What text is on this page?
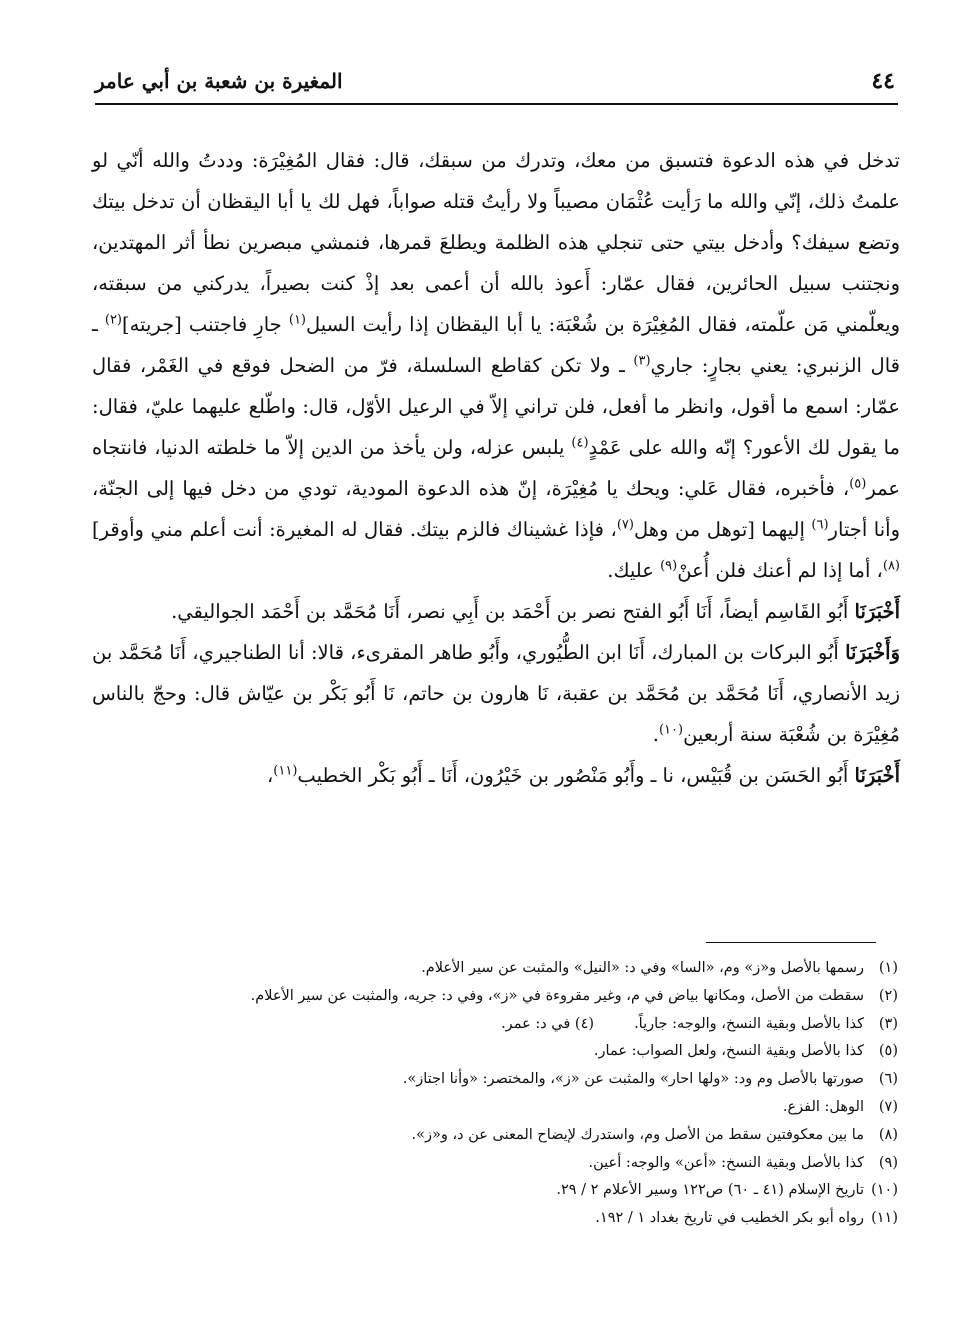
٤٤
المغيرة بن شعبة بن أبي عامر

تدخل في هذه الدعوة فتسبق من معك، وتدرك من سبقك، قال: فقال المُغِيْرَة: وددتُ والله أنّي لو علمتُ ذلك، إنّي والله ما رَأيت عُثْمَان مصيباً ولا رأيتُ قتله صواباً، فهل لك يا أبا اليقظان أن تدخل بيتك وتضع سيفك؟ وأدخل بيتي حتى تنجلي هذه الظلمة ويطلعَ قمرها، فنمشي مبصرين نطأ أثر المهتدين، ونجتنب سبيل الحائرين، فقال عمّار: أَعوذ بالله أن أعمى بعد إذْ كنت بصيراً، يدركني من سبقته، ويعلّمني مَن علّمته، فقال المُغِيْرَة بن شُعْبَة: يا أبا اليقظان إذا رأيت السيل$^{(١)}$ جارِ فاجتنب [جريته]$^{(٢)}$ ـ قال الزنبري: يعني بجارٍ: جاري$^{(٣)}$ ـ ولا تكن كقاطع السلسلة، فرّ من الضحل فوقع في الغَمْر، فقال عمّار: اسمع ما أقول، وانظر ما أفعل، فلن تراني إلاّ في الرعيل الأوّل، قال: واطّلع عليهما عليّ، فقال: ما يقول لك الأعور؟ إنّه والله على عَمْدٍ$^{(٤)}$ يلبس عزله، ولن يأخذ من الدين إلاّ ما خلطته الدنيا، فانتجاه عمر$^{(٥)}$، فأخبره، فقال عَلي: ويحك يا مُغِيْرَة، إنّ هذه الدعوة المودية، تودي من دخل فيها إلى الجنّة، وأنا أجتار$^{(٦)}$ إليهما [توهل من وهل$^{(٧)}$، فإذا غشيناك فالزم بيتك. فقال له المغيرة: أنت أعلم مني وأوقر]$^{(٨)}$، أما إذا لم أعنك فلن أُعنْ$^{(٩)}$ عليك.

أَخْبَرَنَا أَبُو القَاسِم أيضاً، أَنَا أَبُو الفتح نصر بن أَحْمَد بن أَبِي نصر، أَنَا مُحَمَّد بن أَحْمَد الجواليقي.

وَأَخْبَرَنَا أَبُو البركات بن المبارك، أَنَا ابن الطُّيُوري، وأَبُو طاهر المقرىء، قالا: أنا الطناجيري، أَنَا مُحَمَّد بن زيد الأنصاري، أَنَا مُحَمَّد بن مُحَمَّد بن عقبة، نَا هارون بن حاتم، نَا أَبُو بَكْر بن عيّاش قال: وحجّ بالناس مُغِيْرَة بن شُعْبَة سنة أربعين$^{(١٠)}$.

أَخْبَرَنَا أَبُو الحَسَن بن قُبَيْس، نا ـ وأَبُو مَنْصُور بن خَيْرُون، أَنَا ـ أَبُو بَكْر الخطيب$^{(١١)}$،

(١)رسمها بالأصل و«ز» وم، «السا» وفي د: «النيل» والمثبت عن سير الأعلام.
(٢)سقطت من الأصل، ومكانها بياض في م، وغير مقروءة في «ز»، وفي د: جريه، والمثبت عن سير الأعلام.
(٣)كذا بالأصل وبقية النسخ، والوجه: جارياً.(٤) في د: عمر.
(٥)كذا بالأصل وبقية النسخ، ولعل الصواب: عمار.
(٦)صورتها بالأصل وم ود: «ولها احار» والمثبت عن «ز»، والمختصر: «وأنا اجتاز».
(٧)الوهل: الفزع.
(٨)ما بين معكوفتين سقط من الأصل وم، واستدرك لإيضاح المعنى عن د، و«ز».
(٩)كذا بالأصل وبقية النسخ: «أعن» والوجه: أعين.
(١٠)تاريخ الإسلام (٤١ ـ ٦٠) ص١٢٢ وسير الأعلام ٢ / ٢٩.
(١١)رواه أبو بكر الخطيب في تاريخ بغداد ١ / ١٩٢.
